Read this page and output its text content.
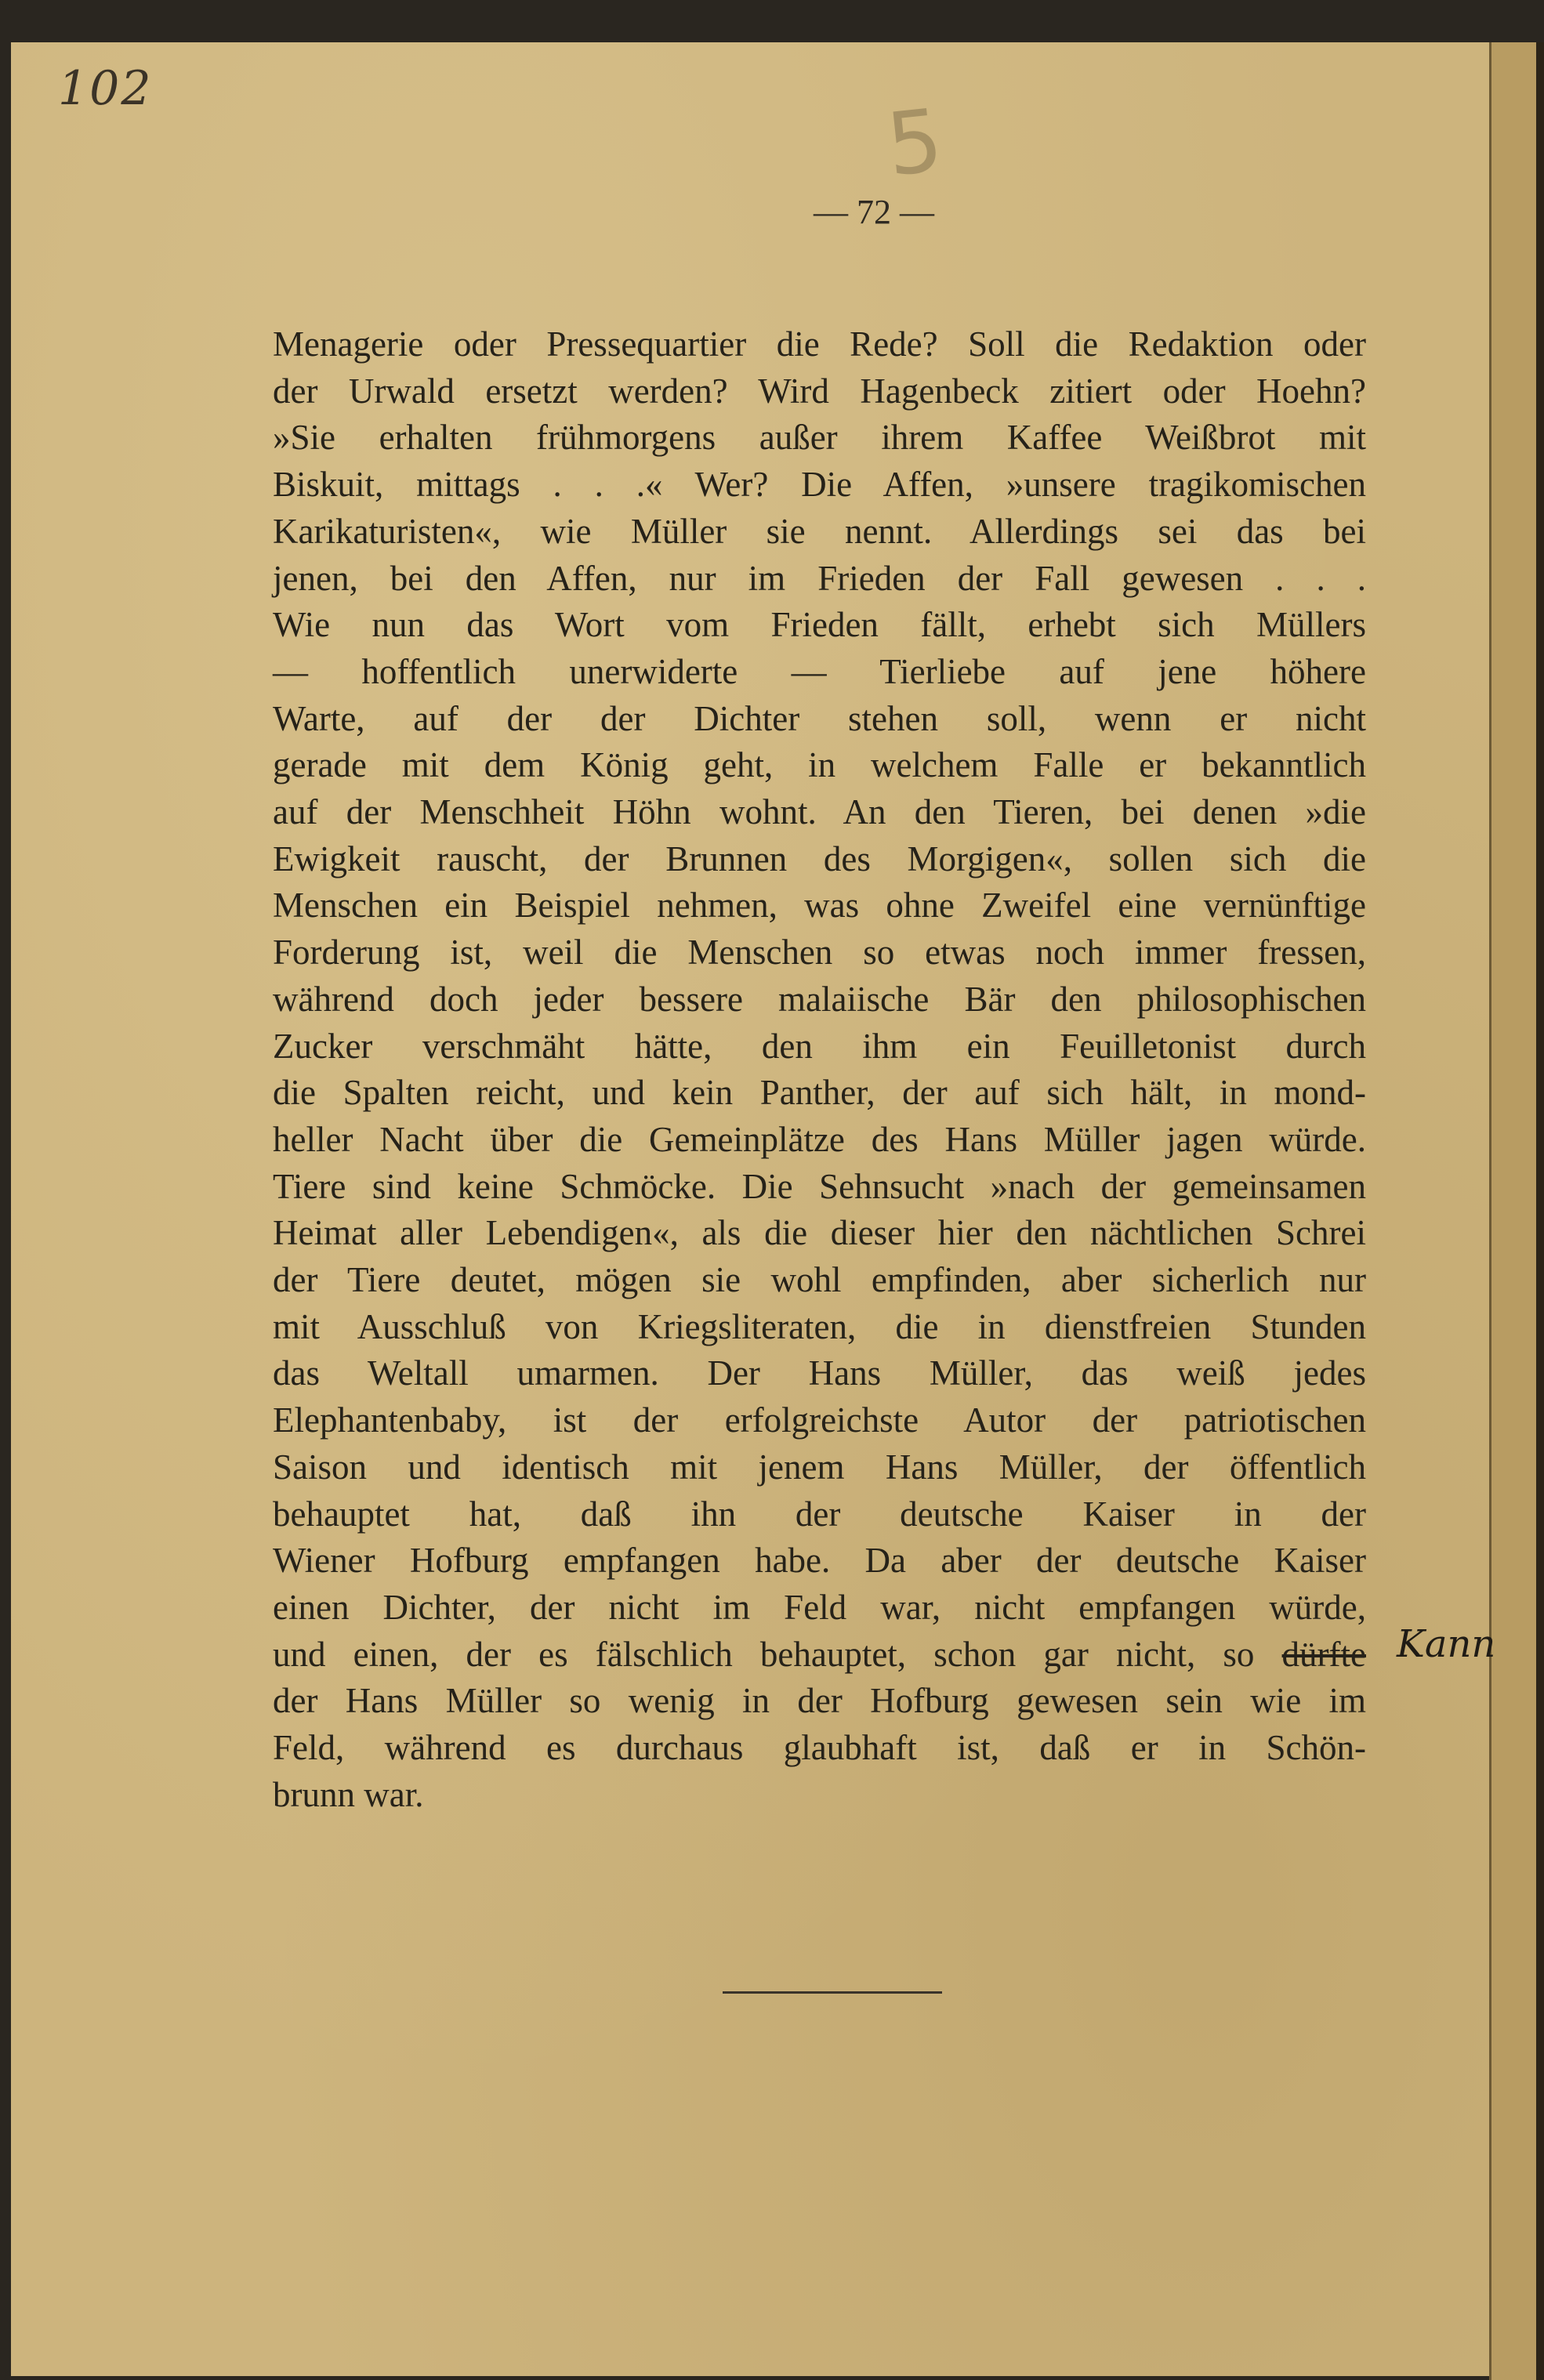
102
5
— 72 —
Menagerie oder Pressequartier die Rede? Soll die Redaktion oder
der Urwald ersetzt werden? Wird Hagenbeck zitiert oder Hoehn?
»Sie erhalten frühmorgens außer ihrem Kaffee Weißbrot mit
Biskuit, mittags . . .« Wer? Die Affen, »unsere tragikomischen
Karikaturisten«, wie Müller sie nennt. Allerdings sei das bei
jenen, bei den Affen, nur im Frieden der Fall gewesen . . .
Wie nun das Wort vom Frieden fällt, erhebt sich Müllers
— hoffentlich unerwiderte — Tierliebe auf jene höhere
Warte, auf der der Dichter stehen soll, wenn er nicht
gerade mit dem König geht, in welchem Falle er bekanntlich
auf der Menschheit Höhn wohnt. An den Tieren, bei denen »die
Ewigkeit rauscht, der Brunnen des Morgigen«, sollen sich die
Menschen ein Beispiel nehmen, was ohne Zweifel eine vernünftige
Forderung ist, weil die Menschen so etwas noch immer fressen,
während doch jeder bessere malaiische Bär den philosophischen
Zucker verschmäht hätte, den ihm ein Feuilletonist durch
die Spalten reicht, und kein Panther, der auf sich hält, in mond-
heller Nacht über die Gemeinplätze des Hans Müller jagen würde.
Tiere sind keine Schmöcke. Die Sehnsucht »nach der gemeinsamen
Heimat aller Lebendigen«, als die dieser hier den nächtlichen Schrei
der Tiere deutet, mögen sie wohl empfinden, aber sicherlich nur
mit Ausschluß von Kriegsliteraten, die in dienstfreien Stunden
das Weltall umarmen. Der Hans Müller, das weiß jedes
Elephantenbaby, ist der erfolgreichste Autor der patriotischen
Saison und identisch mit jenem Hans Müller, der öffentlich
behauptet hat, daß ihn der deutsche Kaiser in der
Wiener Hofburg empfangen habe. Da aber der deutsche Kaiser
einen Dichter, der nicht im Feld war, nicht empfangen würde,
und einen, der es fälschlich behauptet, schon gar nicht, so dürfte
der Hans Müller so wenig in der Hofburg gewesen sein wie im
Feld, während es durchaus glaubhaft ist, daß er in Schön-
brunn war.
Kann
